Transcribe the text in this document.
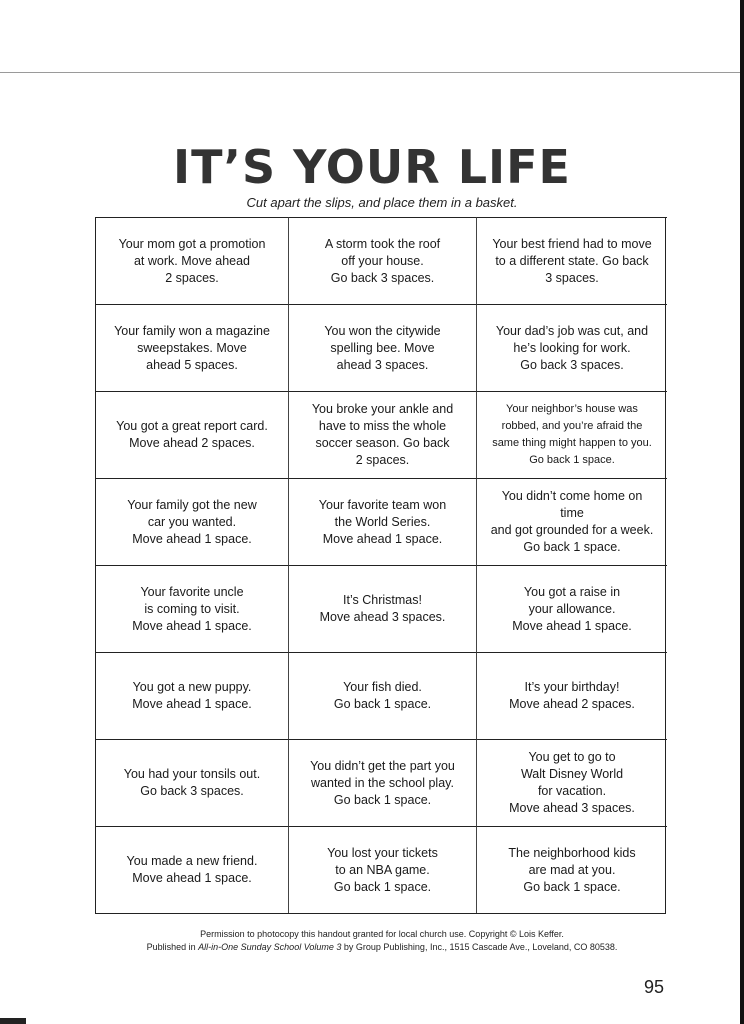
IT’S YOUR LIFE
Cut apart the slips, and place them in a basket.
Your mom got a promotion
at work. Move ahead
2 spaces.
A storm took the roof
off your house.
Go back 3 spaces.
Your best friend had to move
to a different state. Go back
3 spaces.
Your family won a magazine
sweepstakes. Move
ahead 5 spaces.
You won the citywide
spelling bee. Move
ahead 3 spaces.
Your dad’s job was cut, and
he’s looking for work.
Go back 3 spaces.
You got a great report card.
Move ahead 2 spaces.
You broke your ankle and
have to miss the whole
soccer season. Go back
2 spaces.
Your neighbor’s house was
robbed, and you’re afraid the
same thing might happen to you.
Go back 1 space.
Your family got the new
car you wanted.
Move ahead 1 space.
Your favorite team won
the World Series.
Move ahead 1 space.
You didn’t come home on time
and got grounded for a week.
Go back 1 space.
Your favorite uncle
is coming to visit.
Move ahead 1 space.
It’s Christmas!
Move ahead 3 spaces.
You got a raise in
your allowance.
Move ahead 1 space.
You got a new puppy.
Move ahead 1 space.
Your fish died.
Go back 1 space.
It’s your birthday!
Move ahead 2 spaces.
You had your tonsils out.
Go back 3 spaces.
You didn’t get the part you
wanted in the school play.
Go back 1 space.
You get to go to
Walt Disney World
for vacation.
Move ahead 3 spaces.
You made a new friend.
Move ahead 1 space.
You lost your tickets
to an NBA game.
Go back 1 space.
The neighborhood kids
are mad at you.
Go back 1 space.
Permission to photocopy this handout granted for local church use. Copyright © Lois Keffer.
Published in All-in-One Sunday School Volume 3 by Group Publishing, Inc., 1515 Cascade Ave., Loveland, CO 80538.
95
